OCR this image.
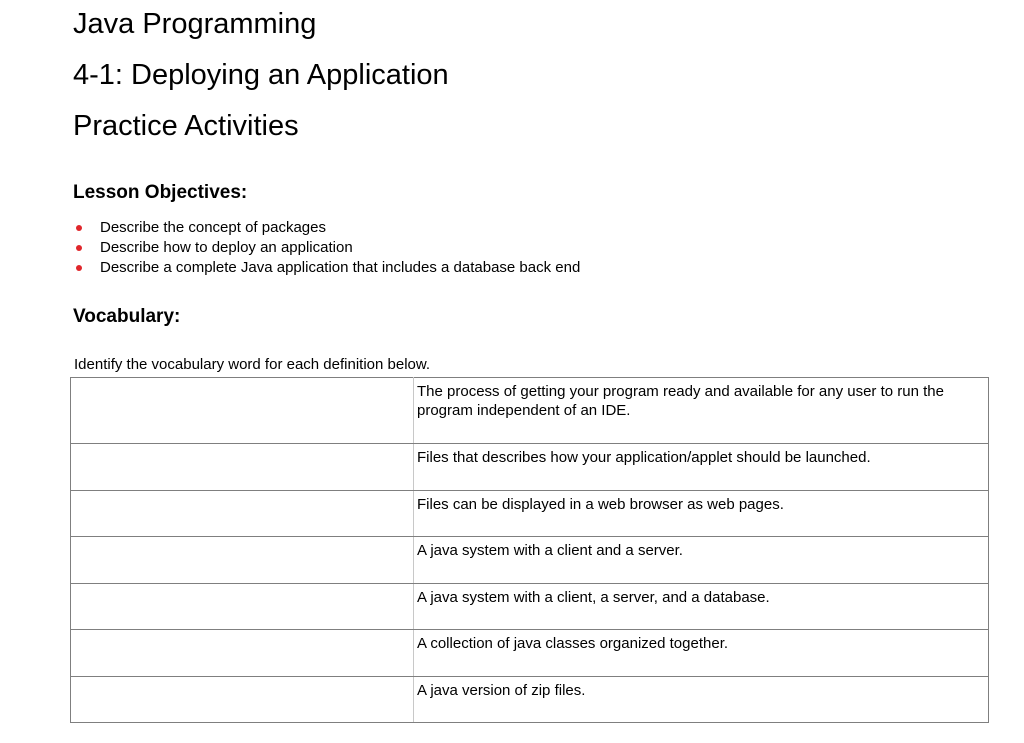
Java Programming
4-1: Deploying an Application
Practice Activities
Lesson Objectives:
Describe the concept of packages
Describe how to deploy an application
Describe a complete Java application that includes a database back end
Vocabulary:

Identify the vocabulary word for each definition below.

	The process of getting your program ready and available for any user to run the program independent of an IDE.
	Files that describes how your application/applet should be launched.
	Files can be displayed in a web browser as web pages.
	A java system with a client and a server.
	A java system with a client, a server, and a database.
	A collection of java classes organized together.
	A java version of zip files.
